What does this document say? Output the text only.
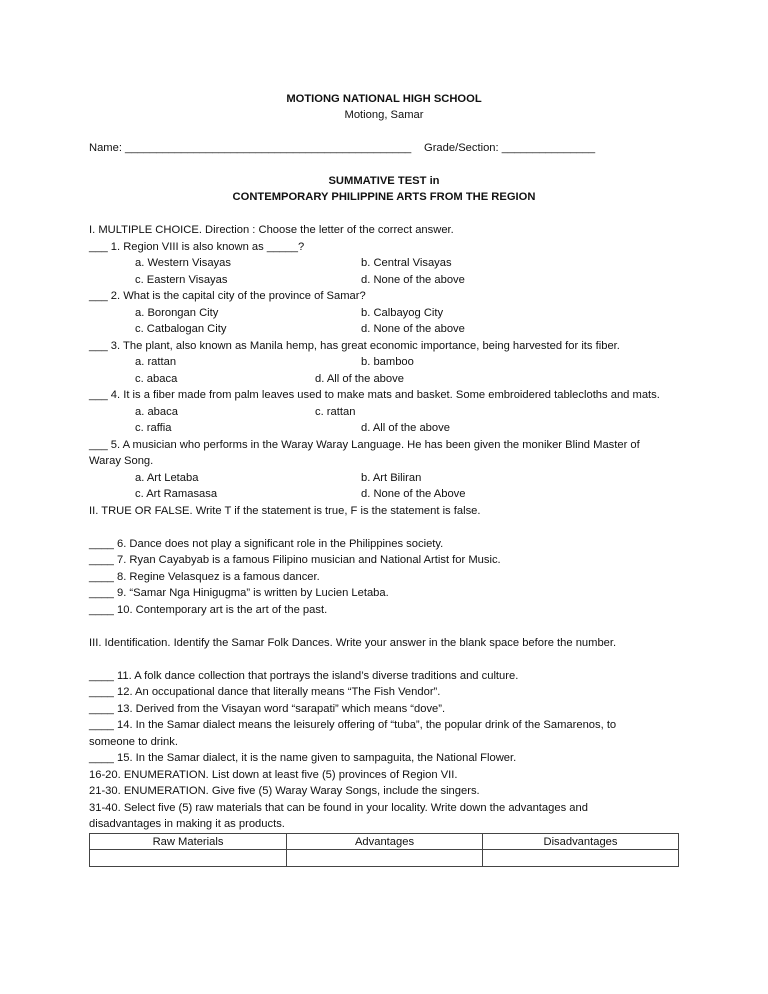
MOTIONG NATIONAL HIGH SCHOOL
Motiong, Samar
Name: ______________________________________________ Grade/Section: _______________
SUMMATIVE TEST in
CONTEMPORARY PHILIPPINE ARTS FROM THE REGION
I. MULTIPLE CHOICE. Direction : Choose the letter of the correct answer.
___ 1. Region VIII is also known as _____?
a. Western Visayas	b. Central Visayas
c. Eastern Visayas	d. None of the above
___ 2. What is the capital city of the province of Samar?
a. Borongan City	b. Calbayog City
c. Catbalogan City	d. None of the above
___ 3. The plant, also known as Manila hemp, has great economic importance, being harvested for its fiber.
a. rattan	b. bamboo
c. abaca	d. All of the above
___ 4. It is a fiber made from palm leaves used to make mats and basket. Some embroidered tablecloths and mats.
a. abaca	c. rattan
c. raffia	d. All of the above
___ 5. A musician who performs in the Waray Waray Language. He has been given the moniker Blind Master of
Waray Song.
a. Art Letaba	b. Art Biliran
c. Art Ramasasa	d. None of the Above
II. TRUE OR FALSE. Write T if the statement is true, F is the statement is false.
____ 6. Dance does not play a significant role in the Philippines society.
____ 7. Ryan Cayabyab is a famous Filipino musician and National Artist for Music.
____ 8. Regine Velasquez is a famous dancer.
____ 9. “Samar Nga Hinigugma” is written by Lucien Letaba.
____ 10. Contemporary art is the art of the past.
III. Identification. Identify the Samar Folk Dances. Write your answer in the blank space before the number.
____ 11. A folk dance collection that portrays the island’s diverse traditions and culture.
____ 12. An occupational dance that literally means “The Fish Vendor”.
____ 13. Derived from the Visayan word “sarapati” which means “dove”.
____ 14. In the Samar dialect means the leisurely offering of “tuba”, the popular drink of the Samarenos, to
someone to drink.
____ 15. In the Samar dialect, it is the name given to sampaguita, the National Flower.
16-20. ENUMERATION. List down at least five (5) provinces of Region VII.
21-30. ENUMERATION. Give five (5) Waray Waray Songs, include the singers.
31-40. Select five (5) raw materials that can be found in your locality. Write down the advantages and
disadvantages in making it as products.
Raw Materials	Advantages	Disadvantages
